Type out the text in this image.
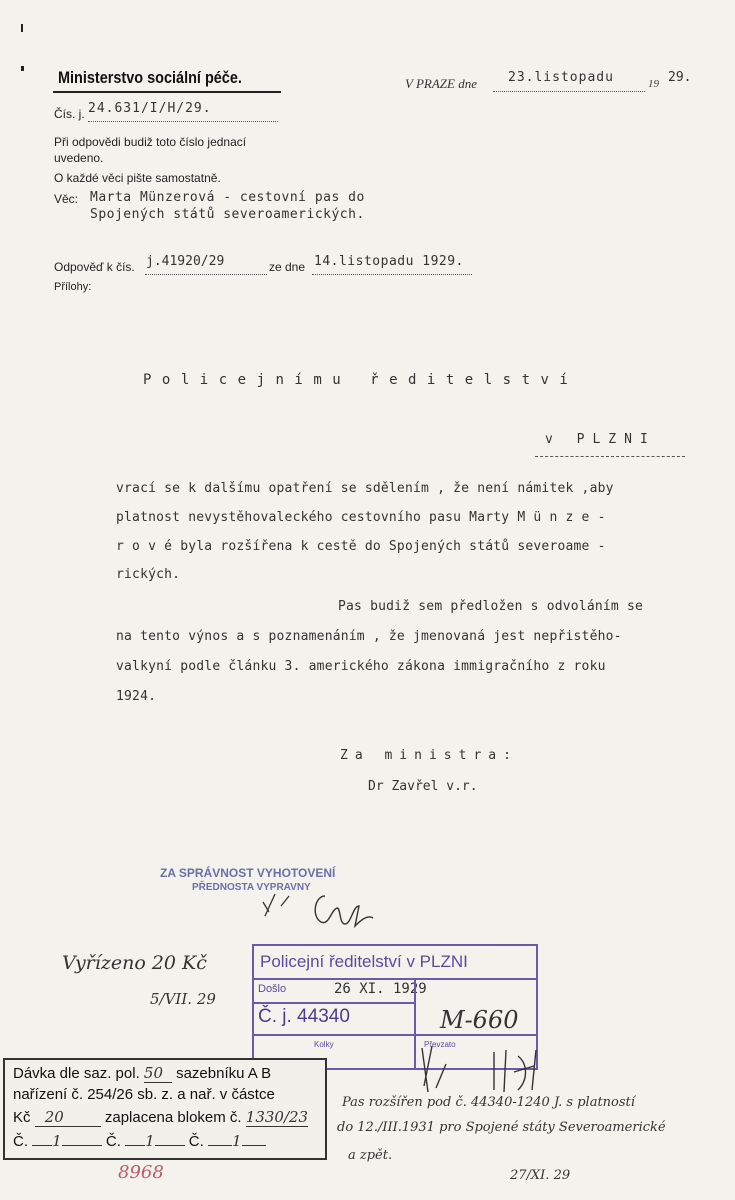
Ministerstvo sociální péče.	V PRAZE dne 23.listopadu	19 29.
Čís. j. 24.631/I/H/29.
Při odpovědi budiž toto číslo jednací
uvedeno.
O každé věci pište samostatně.
Věc: Marta Münzerová - cestovní pas do
Spojených států severoamerických.
Odpověď k čís. j.41920/29	ze dne 14.listopadu 1929.
Přílohy:
Policejnímu ředitelství
v PLZNI
vrací se k dalšímu opatření se sdělením , že není námitek ,aby
platnost nevystěhovaleckého cestovního pasu Marty M ü n z e -
r o v é byla rozšířena k cestě do Spojených států severoame -
rických.
Pas budiž sem předložen s odvoláním se
na tento výnos a s poznamenáním , že jmenovaná jest nepřistěho-
valkyní podle článku 3. amerického zákona immigračního z roku
1924.
Za ministra:
Dr Zavřel v.r.
ZA SPRÁVNOST VYHOTOVENÍ
PŘEDNOSTA VYPRAVNY
Policejní ředitelství v PLZNI
Došlo	26 XI. 1929
Č. j. 44340
Kolky	Převzato
Vyřízeno 20 Kč
5/VII. 29
M-660
Pas rozšířen pod č. 44340-1240 J. s platností
do 12./III.1931 pro Spojené státy Severoamerické
a zpět.
27/XI. 29
8968
Dávka dle saz. pol. 50 sazebníku A B
nařízení č. 254/26 sb. z. a nař. v částce
Kč 20	zaplacena blokem č. 1330/23
Č. 1	Č. 1 Č. 1
